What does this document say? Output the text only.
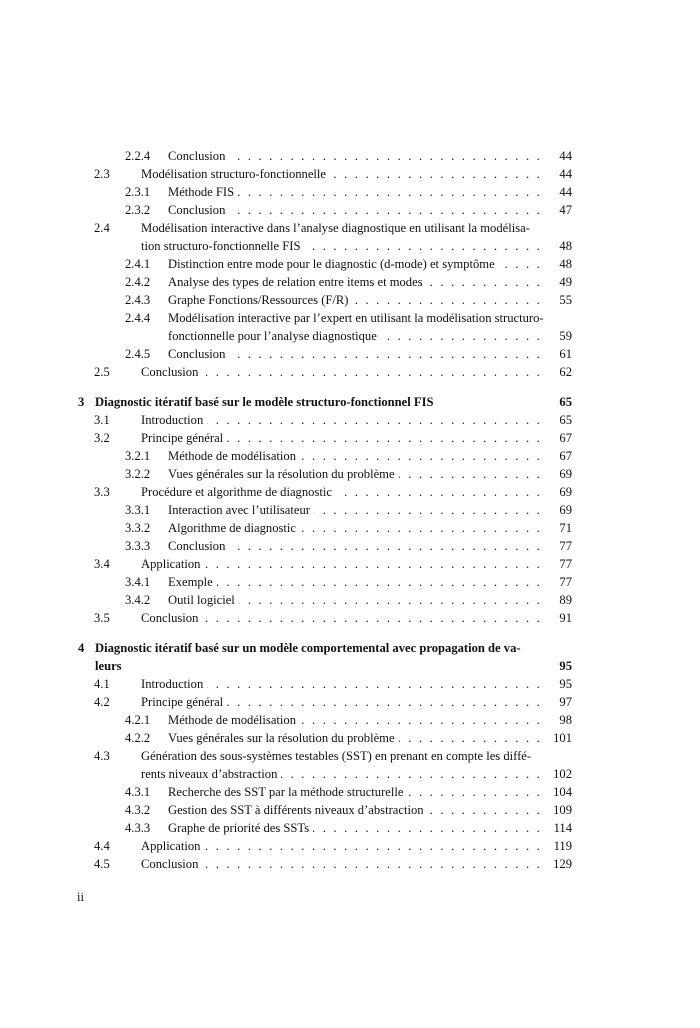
2.2.4	Conclusion . . .	44
2.3	Modélisation structuro-fonctionnelle . . .	44
2.3.1	Méthode FIS . . .	44
2.3.2	Conclusion . . .	47
2.4	Modélisation interactive dans l’analyse diagnostique en utilisant la modélisa-
tion structuro-fonctionnelle FIS . . .	48
2.4.1	Distinction entre mode pour le diagnostic (d-mode) et symptôme . . .	48
2.4.2	Analyse des types de relation entre items et modes . . .	49
2.4.3	Graphe Fonctions/Ressources (F/R) . . .	55
2.4.4	Modélisation interactive par l’expert en utilisant la modélisation structuro-
fonctionnelle pour l’analyse diagnostique . . .	59
2.4.5	Conclusion . . .	61
2.5	Conclusion . . .	62
3 Diagnostic itératif basé sur le modèle structuro-fonctionnel FIS	65
3.1	Introduction . . .	65
3.2	Principe général . . .	67
3.2.1	Méthode de modélisation . . .	67
3.2.2	Vues générales sur la résolution du problème . . .	69
3.3	Procédure et algorithme de diagnostic . . .	69
3.3.1	Interaction avec l’utilisateur . . .	69
3.3.2	Algorithme de diagnostic . . .	71
3.3.3	Conclusion . . .	77
3.4	Application . . .	77
3.4.1	Exemple . . .	77
3.4.2	Outil logiciel . . .	89
3.5	Conclusion . . .	91
4 Diagnostic itératif basé sur un modèle comportemental avec propagation de va-
leurs	95
4.1	Introduction . . .	95
4.2	Principe général . . .	97
4.2.1	Méthode de modélisation . . .	98
4.2.2	Vues générales sur la résolution du problème . . .	101
4.3	Génération des sous-systèmes testables (SST) en prenant en compte les diffé-
rents niveaux d’abstraction . . .	102
4.3.1	Recherche des SST par la méthode structurelle . . .	104
4.3.2	Gestion des SST à différents niveaux d’abstraction . . .	109
4.3.3	Graphe de priorité des SSTs . . .	114
4.4	Application . . .	119
4.5	Conclusion . . .	129
ii
